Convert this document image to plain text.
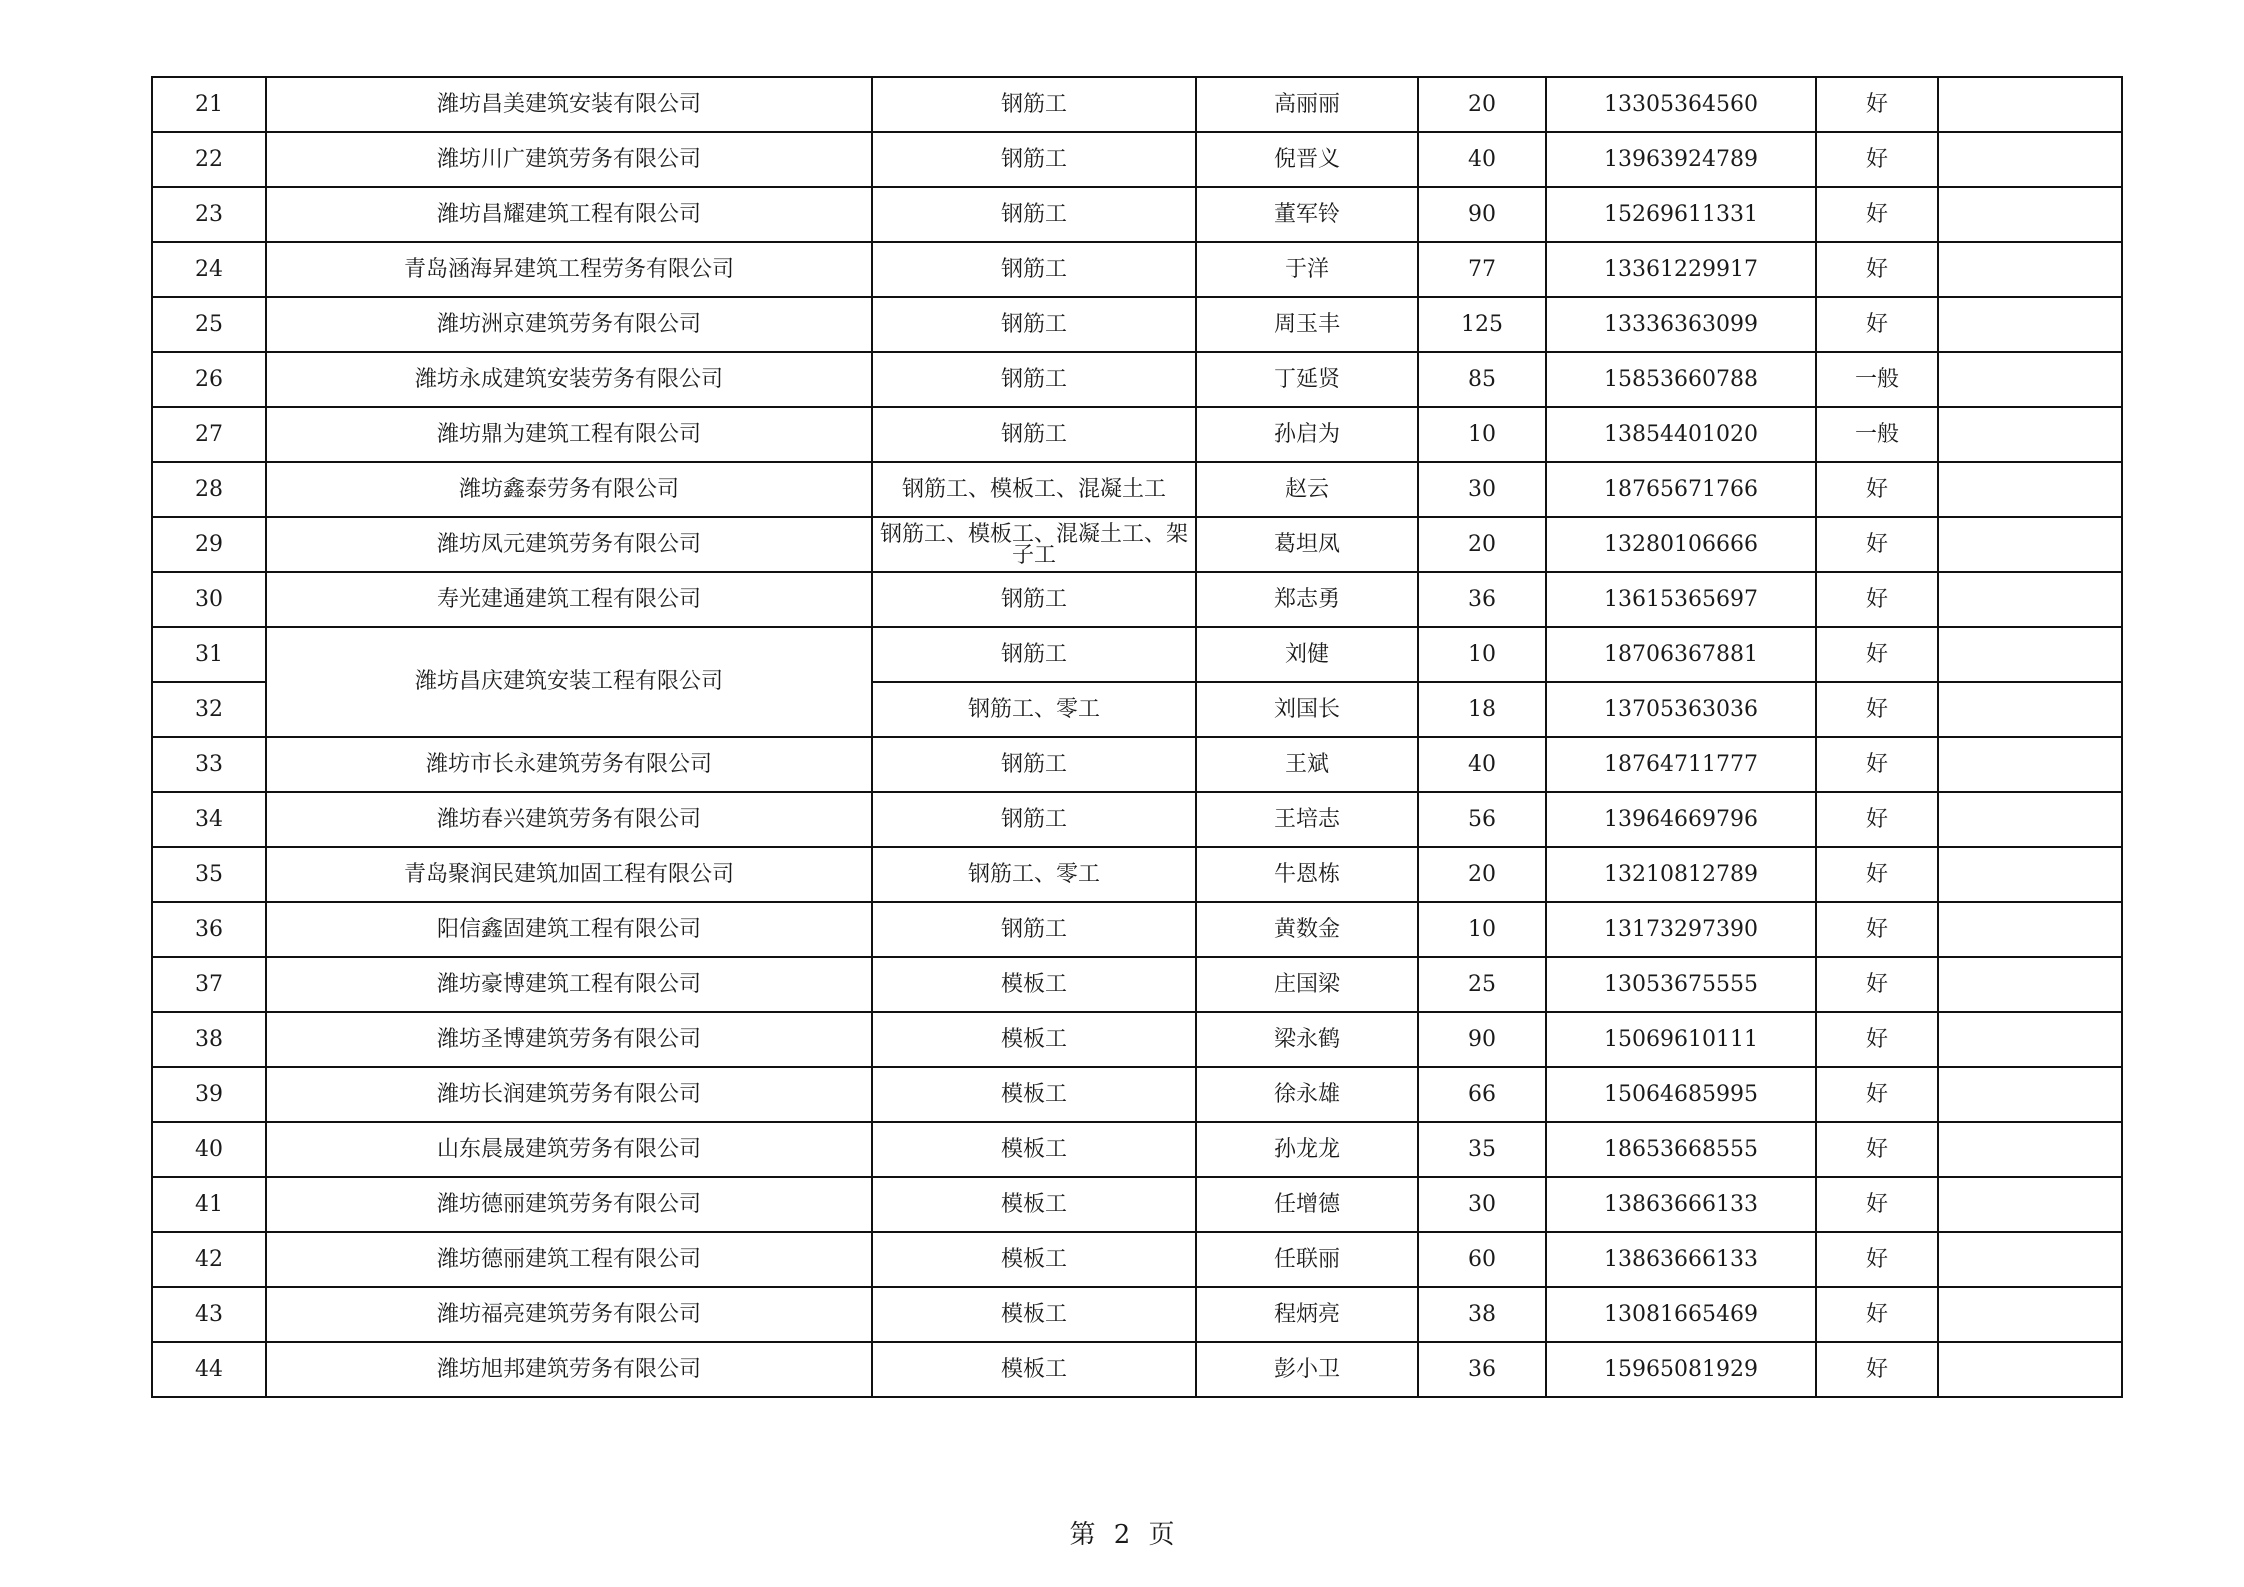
21	潍坊昌美建筑安装有限公司	钢筋工	高丽丽	20	13305364560	好	
22	潍坊川广建筑劳务有限公司	钢筋工	倪晋义	40	13963924789	好	
23	潍坊昌耀建筑工程有限公司	钢筋工	董军铃	90	15269611331	好	
24	青岛涵海昇建筑工程劳务有限公司	钢筋工	于洋	77	13361229917	好	
25	潍坊洲京建筑劳务有限公司	钢筋工	周玉丰	125	13336363099	好	
26	潍坊永成建筑安装劳务有限公司	钢筋工	丁延贤	85	15853660788	一般	
27	潍坊鼎为建筑工程有限公司	钢筋工	孙启为	10	13854401020	一般	
28	潍坊鑫泰劳务有限公司	钢筋工、模板工、混凝土工	赵云	30	18765671766	好	
29	潍坊凤元建筑劳务有限公司	钢筋工、模板工、混凝土工、架子工	葛坦凤	20	13280106666	好	
30	寿光建通建筑工程有限公司	钢筋工	郑志勇	36	13615365697	好	
31	潍坊昌庆建筑安装工程有限公司	钢筋工	刘健	10	18706367881	好	
32		钢筋工、零工	刘国长	18	13705363036	好	
33	潍坊市长永建筑劳务有限公司	钢筋工	王斌	40	18764711777	好	
34	潍坊春兴建筑劳务有限公司	钢筋工	王培志	56	13964669796	好	
35	青岛聚润民建筑加固工程有限公司	钢筋工、零工	牛恩栋	20	13210812789	好	
36	阳信鑫固建筑工程有限公司	钢筋工	黄数金	10	13173297390	好	
37	潍坊豪博建筑工程有限公司	模板工	庄国梁	25	13053675555	好	
38	潍坊圣博建筑劳务有限公司	模板工	梁永鹤	90	15069610111	好	
39	潍坊长润建筑劳务有限公司	模板工	徐永雄	66	15064685995	好	
40	山东晨晟建筑劳务有限公司	模板工	孙龙龙	35	18653668555	好	
41	潍坊德丽建筑劳务有限公司	模板工	任增德	30	13863666133	好	
42	潍坊德丽建筑工程有限公司	模板工	任联丽	60	13863666133	好	
43	潍坊福亮建筑劳务有限公司	模板工	程炳亮	38	13081665469	好	
44	潍坊旭邦建筑劳务有限公司	模板工	彭小卫	36	15965081929	好	
第 2 页
